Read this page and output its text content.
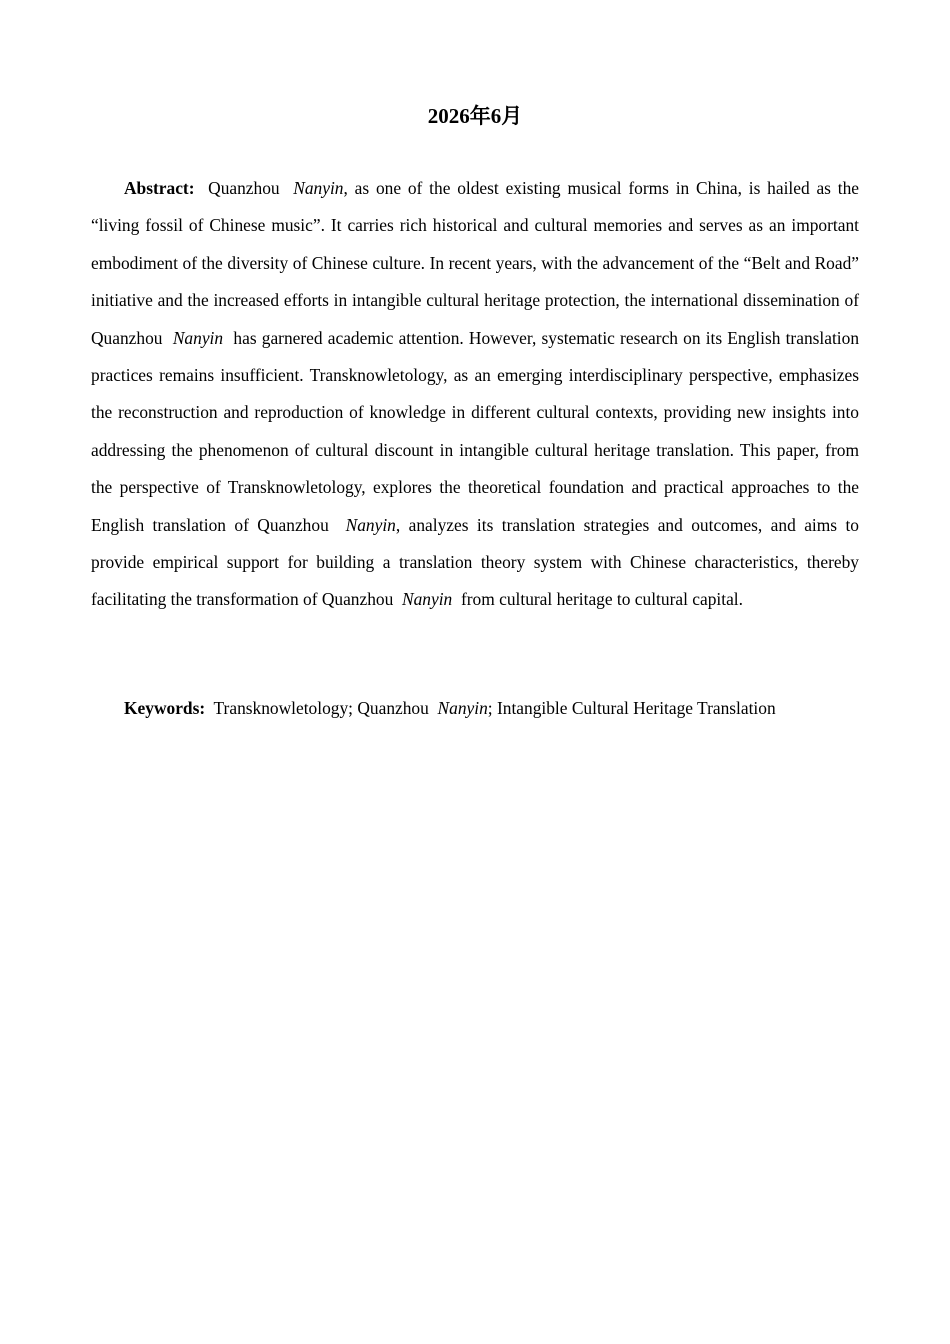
2026年6月

Abstract: Quanzhou Nanyin, as one of the oldest existing musical forms in China, is hailed as the “living fossil of Chinese music”. It carries rich historical and cultural memories and serves as an important embodiment of the diversity of Chinese culture. In recent years, with the advancement of the “Belt and Road” initiative and the increased efforts in intangible cultural heritage protection, the international dissemination of Quanzhou Nanyin has garnered academic attention. However, systematic research on its English translation practices remains insufficient. Transknowletology, as an emerging interdisciplinary perspective, emphasizes the reconstruction and reproduction of knowledge in different cultural contexts, providing new insights into addressing the phenomenon of cultural discount in intangible cultural heritage translation. This paper, from the perspective of Transknowletology, explores the theoretical foundation and practical approaches to the English translation of Quanzhou Nanyin, analyzes its translation strategies and outcomes, and aims to provide empirical support for building a translation theory system with Chinese characteristics, thereby facilitating the transformation of Quanzhou Nanyin from cultural heritage to cultural capital.

Keywords: Transknowletology; Quanzhou Nanyin; Intangible Cultural Heritage Translation
